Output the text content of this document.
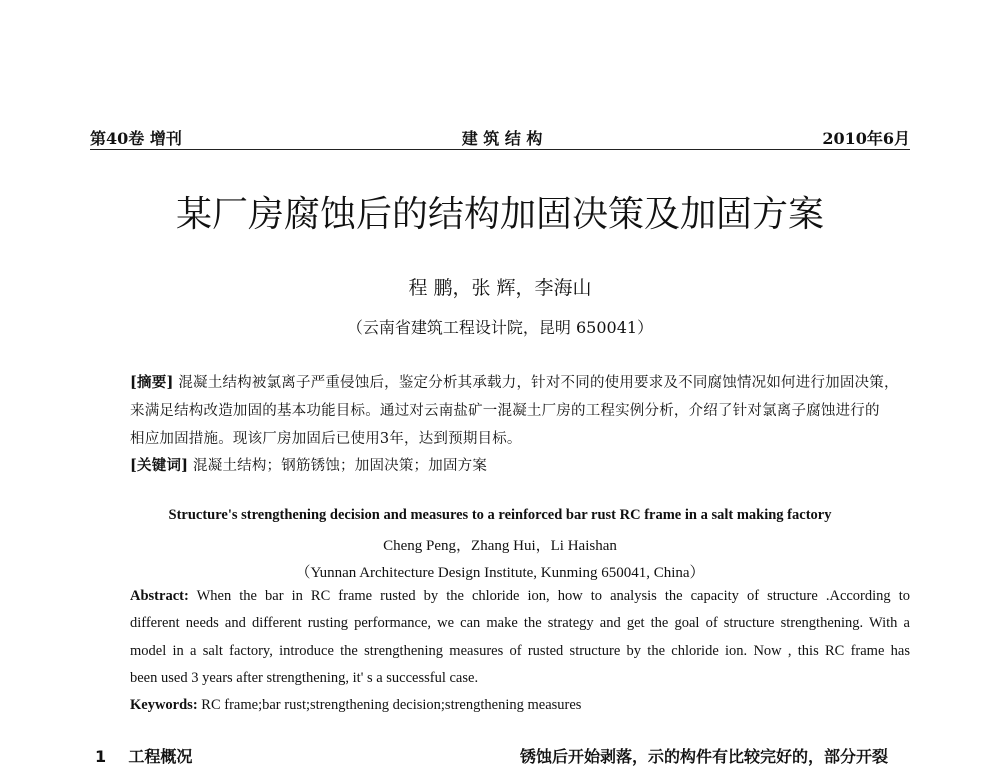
第40卷 增刊	建 筑 结 构	2010年6月
某厂房腐蚀后的结构加固决策及加固方案
程 鹏，张 辉，李海山
（云南省建筑工程设计院，昆明 650041）
[摘要] 混凝土结构被氯离子严重侵蚀后，鉴定分析其承载力，针对不同的使用要求及不同腐蚀情况如何进行加固决策，
来满足结构改造加固的基本功能目标。通过对云南盐矿一混凝土厂房的工程实例分析，介绍了针对氯离子腐蚀进行的
相应加固措施。现该厂房加固后已使用3年，达到预期目标。
[关键词] 混凝土结构；钢筋锈蚀；加固决策；加固方案
Structure's strengthening decision and measures to a reinforced bar rust RC frame in a salt making factory
Cheng Peng，Zhang Hui，Li Haishan
（Yunnan Architecture Design Institute, Kunming 650041, China）
Abstract: When the bar in RC frame rusted by the chloride ion, how to analysis the capacity of structure .According to
different needs and different rusting performance, we can make the strategy and get the goal of structure strengthening. With a
model in a salt factory, introduce the strengthening measures of rusted structure by the chloride ion. Now , this RC frame has
been used 3 years after strengthening, it' s a successful case.
Keywords: RC frame;bar rust;strengthening decision;strengthening measures
1 工程概况	锈蚀后开始剥落，示的构件有比较完好的，部分开裂
